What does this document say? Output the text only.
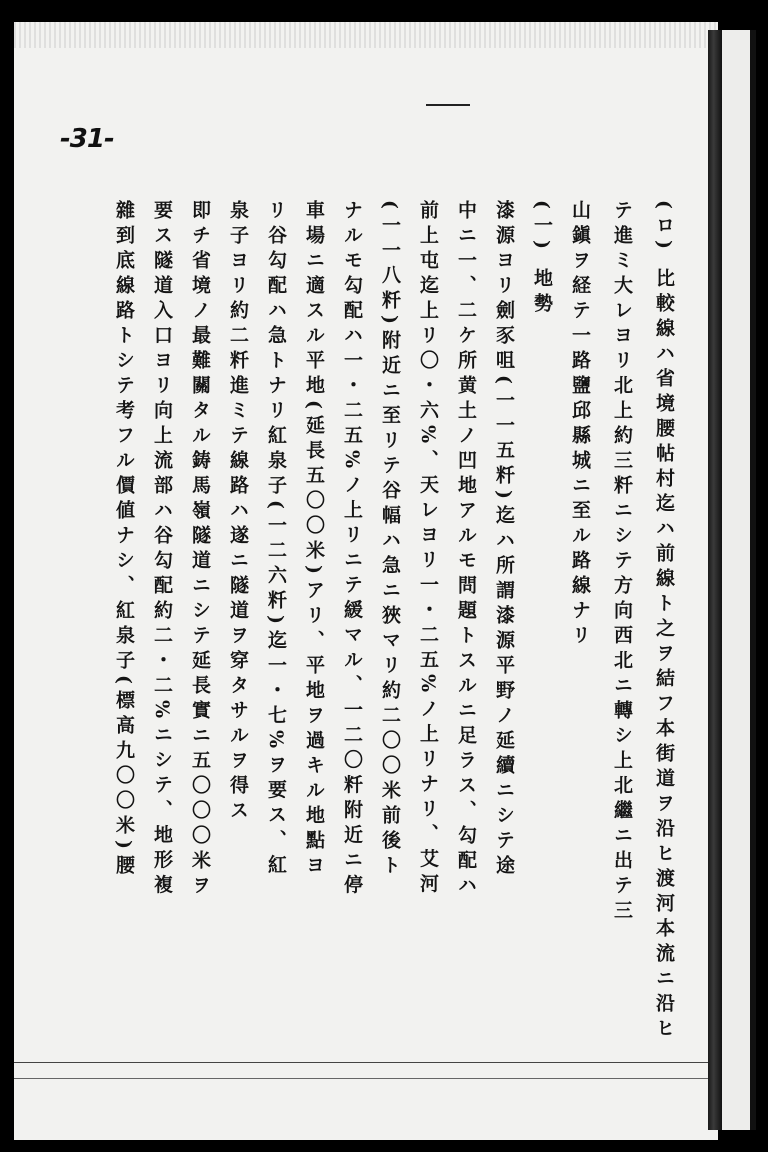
-31-
(ロ) 比較線ハ省境腰帖村迄ハ前線ト之ヲ結フ本街道ヲ沿ヒ渡河本流ニ沿ヒ
テ進ミ大レヨリ北上約三粁ニシテ方向西北ニ轉シ上北繼ニ出テ三
山鎭ヲ経テ一路鹽邱縣城ニ至ル路線ナリ
(一) 地勢
漆源ヨリ劍豕咀(一一五粁)迄ハ所謂漆源平野ノ延續ニシテ途
中ニ一、二ケ所黄土ノ凹地アルモ問題トスルニ足ラス、勾配ハ
前上屯迄上リ〇・六%、天レヨリ一・二五%ノ上リナリ、艾河
(一一八粁)附近ニ至リテ谷幅ハ急ニ狹マリ約二〇〇米前後ト
ナルモ勾配ハ一・二五%ノ上リニテ緩マル、一二〇粁附近ニ停
車場ニ適スル平地(延長五〇〇米)アリ、平地ヲ過キル地點ヨ
リ谷勾配ハ急トナリ紅泉子(一二六粁)迄一・七%ヲ要ス、紅
泉子ヨリ約二粁進ミテ線路ハ遂ニ隧道ヲ穿タサルヲ得ス
即チ省境ノ最難關タル鋳馬嶺隧道ニシテ延長實ニ五〇〇〇米ヲ
要ス隧道入口ヨリ向上流部ハ谷勾配約二・二%ニシテ、地形複
雜到底線路トシテ考フル價値ナシ、紅泉子(標高九〇〇米)腰
